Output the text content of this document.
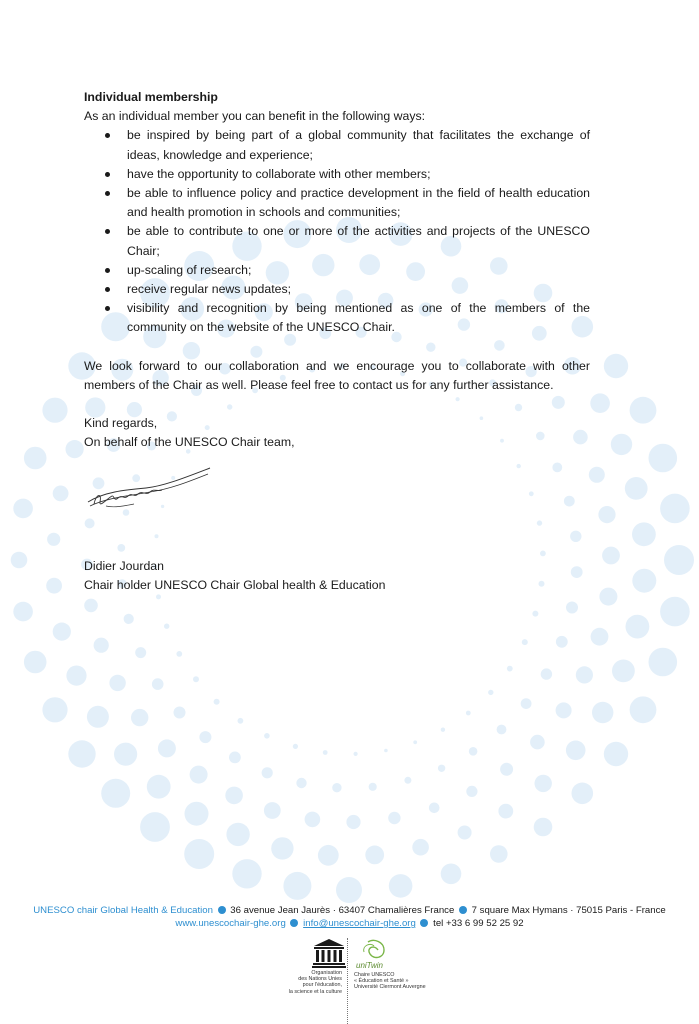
Individual membership
As an individual member you can benefit in the following ways:
be inspired by being part of a global community that facilitates the exchange of ideas, knowledge and experience;
have the opportunity to collaborate with other members;
be able to influence policy and practice development in the field of health education and health promotion in schools and communities;
be able to contribute to one or more of the activities and projects of the UNESCO Chair;
up-scaling of research;
receive regular news updates;
visibility and recognition by being mentioned as one of the members of the community on the website of the UNESCO Chair.
We look forward to our collaboration and we encourage you to collaborate with other members of the Chair as well. Please feel free to contact us for any further assistance.
Kind regards,
On behalf of the UNESCO Chair team,
Didier Jourdan
Chair holder UNESCO Chair Global health & Education
UNESCO chair Global Health & Education 36 avenue Jean Jaurès · 63407 Chamalières France 7 square Max Hymans · 75015 Paris - France
www.unescochair-ghe.org info@unescochair-ghe.org tel +33 6 99 52 25 92
Organisation
des Nations Unies
pour l'éducation,
la science et la culture
uniTwin
Chaire UNESCO
« Éducation et Santé »
Université Clermont Auvergne
